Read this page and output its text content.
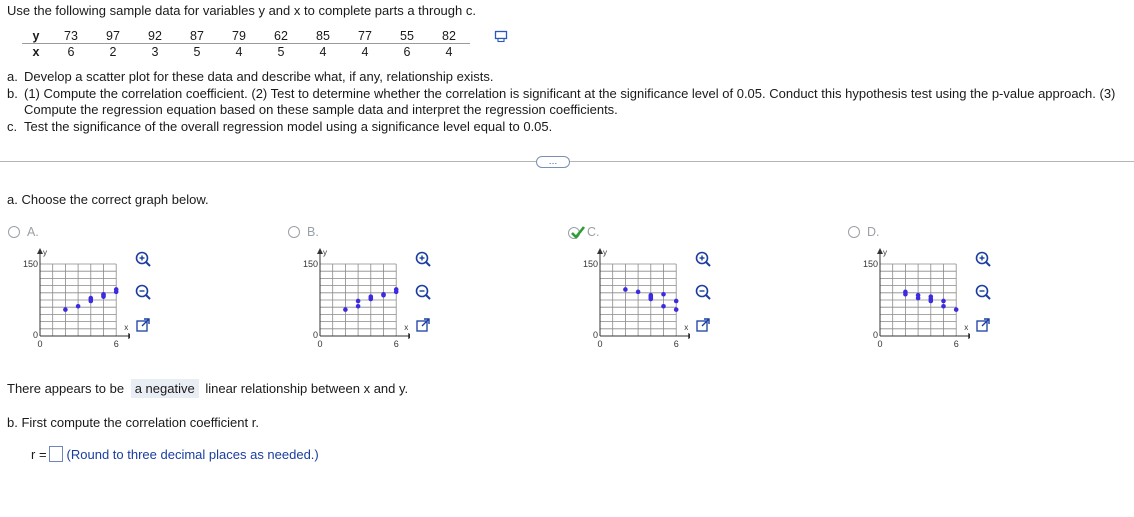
Use the following sample data for variables y and x to complete parts a through c.
y	73	97	92	87	79	62	85	77	55	82
x	6	2	3	5	4	5	4	4	6	4
a. Develop a scatter plot for these data and describe what, if any, relationship exists.
b. (1) Compute the correlation coefficient. (2) Test to determine whether the correlation is significant at the significance level of 0.05. Conduct this hypothesis test using the p-value approach. (3) Compute the regression equation based on these sample data and interpret the regression coefficients.
c. Test the significance of the overall regression model using a significance level equal to 0.05.
…
a. Choose the correct graph below.
A.
150
0
0	6
y
x
B.
150
0
0	6
y
x
C.
150
0
0	6
y
x
D.
150
0
0	6
y
x
There appears to be a negative linear relationship between x and y.
b. First compute the correlation coefficient r.
r = (Round to three decimal places as needed.)
